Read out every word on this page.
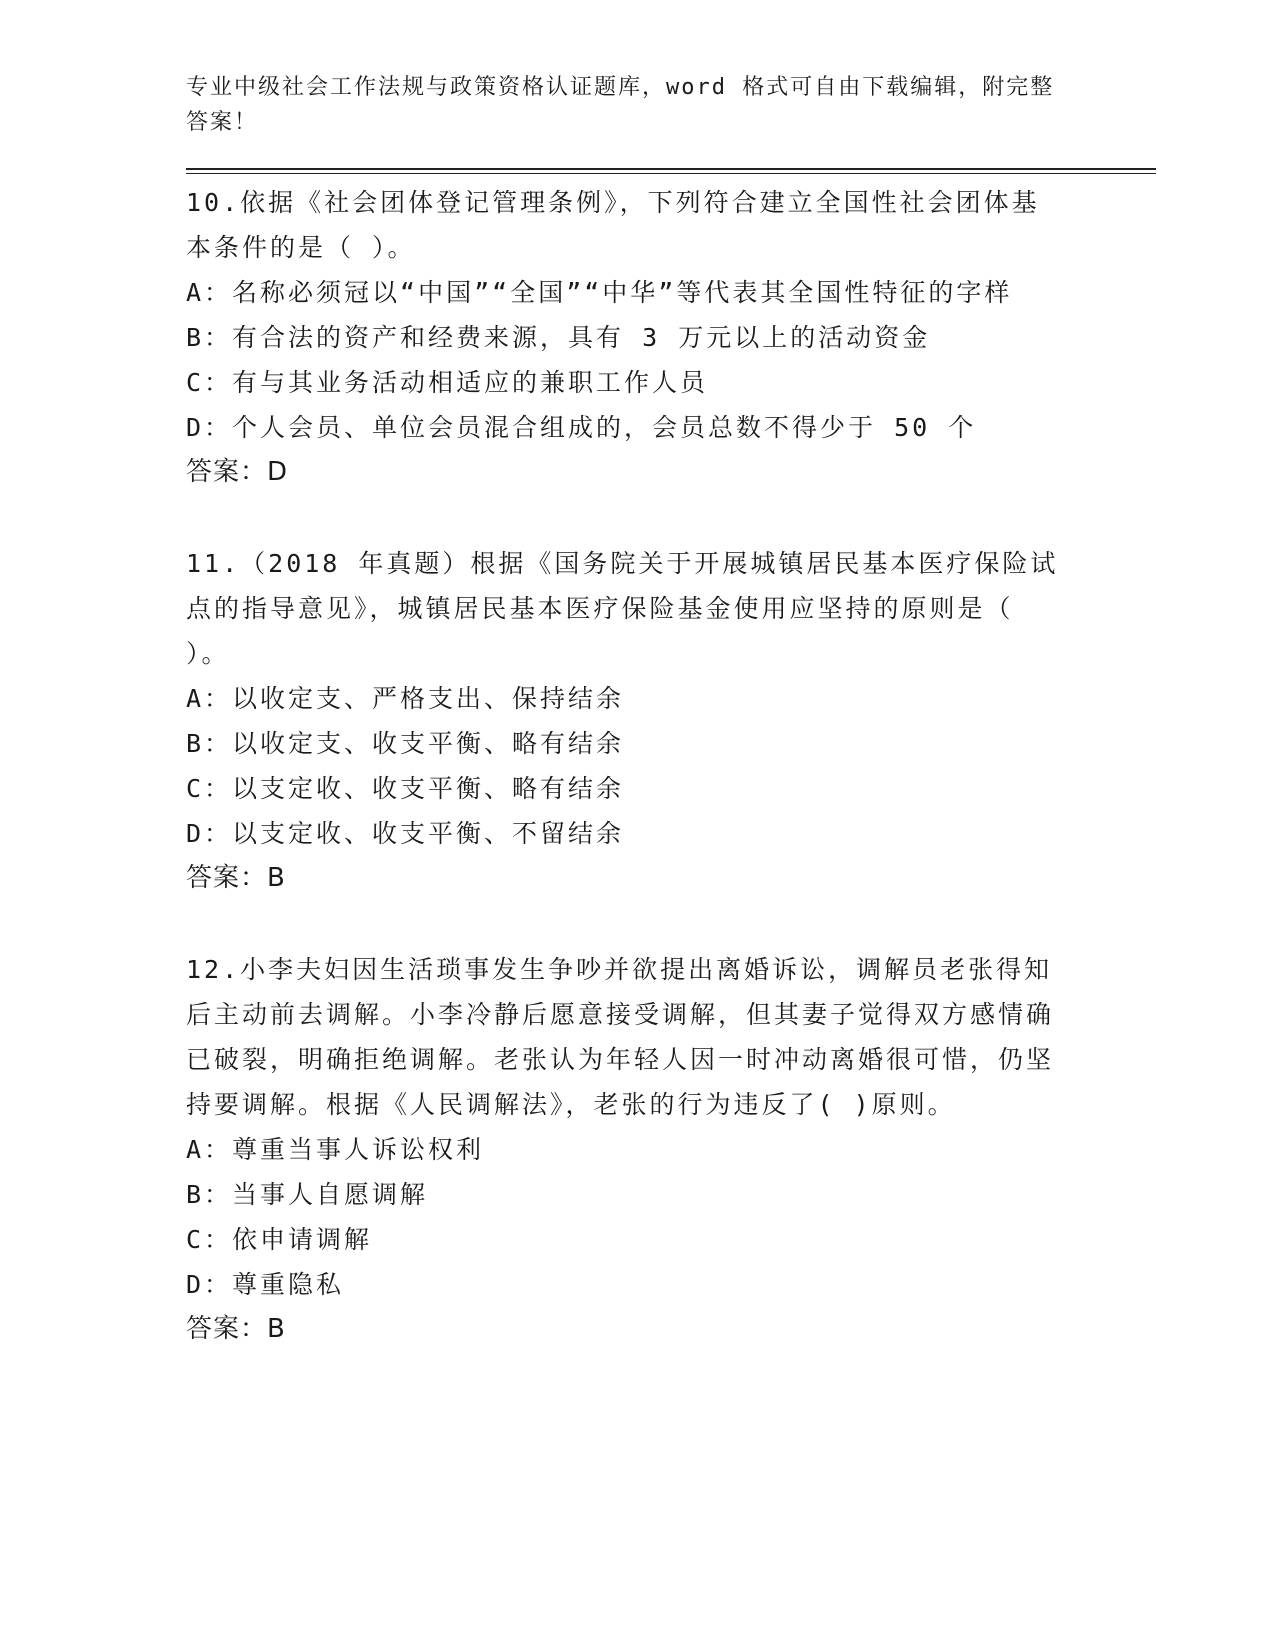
专业中级社会工作法规与政策资格认证题库，word 格式可自由下载编辑，附完整答案！

10.依据《社会团体登记管理条例》，下列符合建立全国性社会团体基本条件的是（ ）。

A：名称必须冠以“中国”“全国”“中华”等代表其全国性特征的字样

B：有合法的资产和经费来源，具有 3 万元以上的活动资金

C：有与其业务活动相适应的兼职工作人员

D：个人会员、单位会员混合组成的，会员总数不得少于 50 个

答案：D

11.（2018 年真题）根据《国务院关于开展城镇居民基本医疗保险试点的指导意见》，城镇居民基本医疗保险基金使用应坚持的原则是（ ）。

A：以收定支、严格支出、保持结余

B：以收定支、收支平衡、略有结余

C：以支定收、收支平衡、略有结余

D：以支定收、收支平衡、不留结余

答案：B

12.小李夫妇因生活琐事发生争吵并欲提出离婚诉讼，调解员老张得知后主动前去调解。小李冷静后愿意接受调解，但其妻子觉得双方感情确已破裂，明确拒绝调解。老张认为年轻人因一时冲动离婚很可惜，仍坚持要调解。根据《人民调解法》，老张的行为违反了( )原则。

A：尊重当事人诉讼权利

B：当事人自愿调解

C：依申请调解

D：尊重隐私

答案：B
